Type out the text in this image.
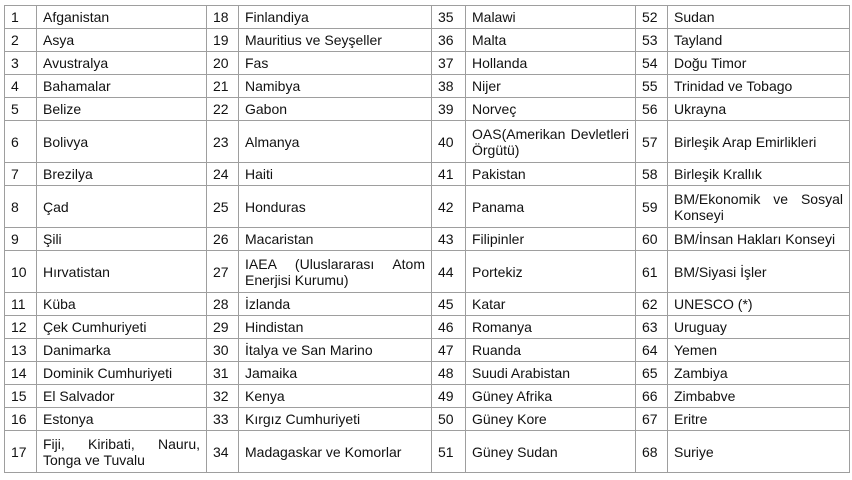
1	Afganistan	18	Finlandiya	35	Malawi	52	Sudan
2	Asya	19	Mauritius ve Seyşeller	36	Malta	53	Tayland
3	Avustralya	20	Fas	37	Hollanda	54	Doğu Timor
4	Bahamalar	21	Namibya	38	Nijer	55	Trinidad ve Tobago
5	Belize	22	Gabon	39	Norveç	56	Ukrayna
6	Bolivya	23	Almanya	40	OAS(Amerikan Devletleri Örgütü)	57	Birleşik Arap Emirlikleri
7	Brezilya	24	Haiti	41	Pakistan	58	Birleşik Krallık
8	Çad	25	Honduras	42	Panama	59	BM/Ekonomik ve Sosyal Konseyi
9	Şili	26	Macaristan	43	Filipinler	60	BM/İnsan Hakları Konseyi
10	Hırvatistan	27	IAEA (Uluslararası Atom Enerjisi Kurumu)	44	Portekiz	61	BM/Siyasi İşler
11	Küba	28	İzlanda	45	Katar	62	UNESCO (*)
12	Çek Cumhuriyeti	29	Hindistan	46	Romanya	63	Uruguay
13	Danimarka	30	İtalya ve San Marino	47	Ruanda	64	Yemen
14	Dominik Cumhuriyeti	31	Jamaika	48	Suudi Arabistan	65	Zambiya
15	El Salvador	32	Kenya	49	Güney Afrika	66	Zimbabve
16	Estonya	33	Kırgız Cumhuriyeti	50	Güney Kore	67	Eritre
17	Fiji, Kiribati, Nauru, Tonga ve Tuvalu	34	Madagaskar ve Komorlar	51	Güney Sudan	68	Suriye
